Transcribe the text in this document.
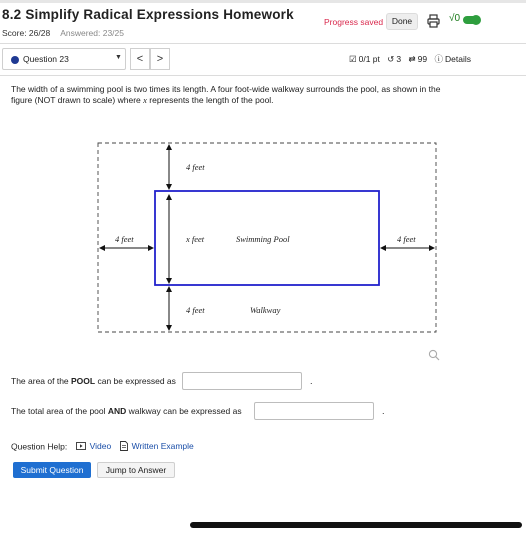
8.2 Simplify Radical Expressions Homework
Score: 26/28 Answered: 23/25
Progress saved	Done	√0
Question 23	▼	<	>	☑ 0/1 pt ↺ 3 ⇄ 99 ⓘ Details
The width of a swimming pool is two times its length. A four foot-wide walkway surrounds the pool, as shown in the figure (NOT drawn to scale) where x represents the length of the pool.
4 feet
4 feet	x feet	Swimming Pool	4 feet
4 feet	Walkway
The area of the POOL can be expressed as	.
The total area of the pool AND walkway can be expressed as	.
Question Help:	Video Written Example
Submit Question	Jump to Answer
